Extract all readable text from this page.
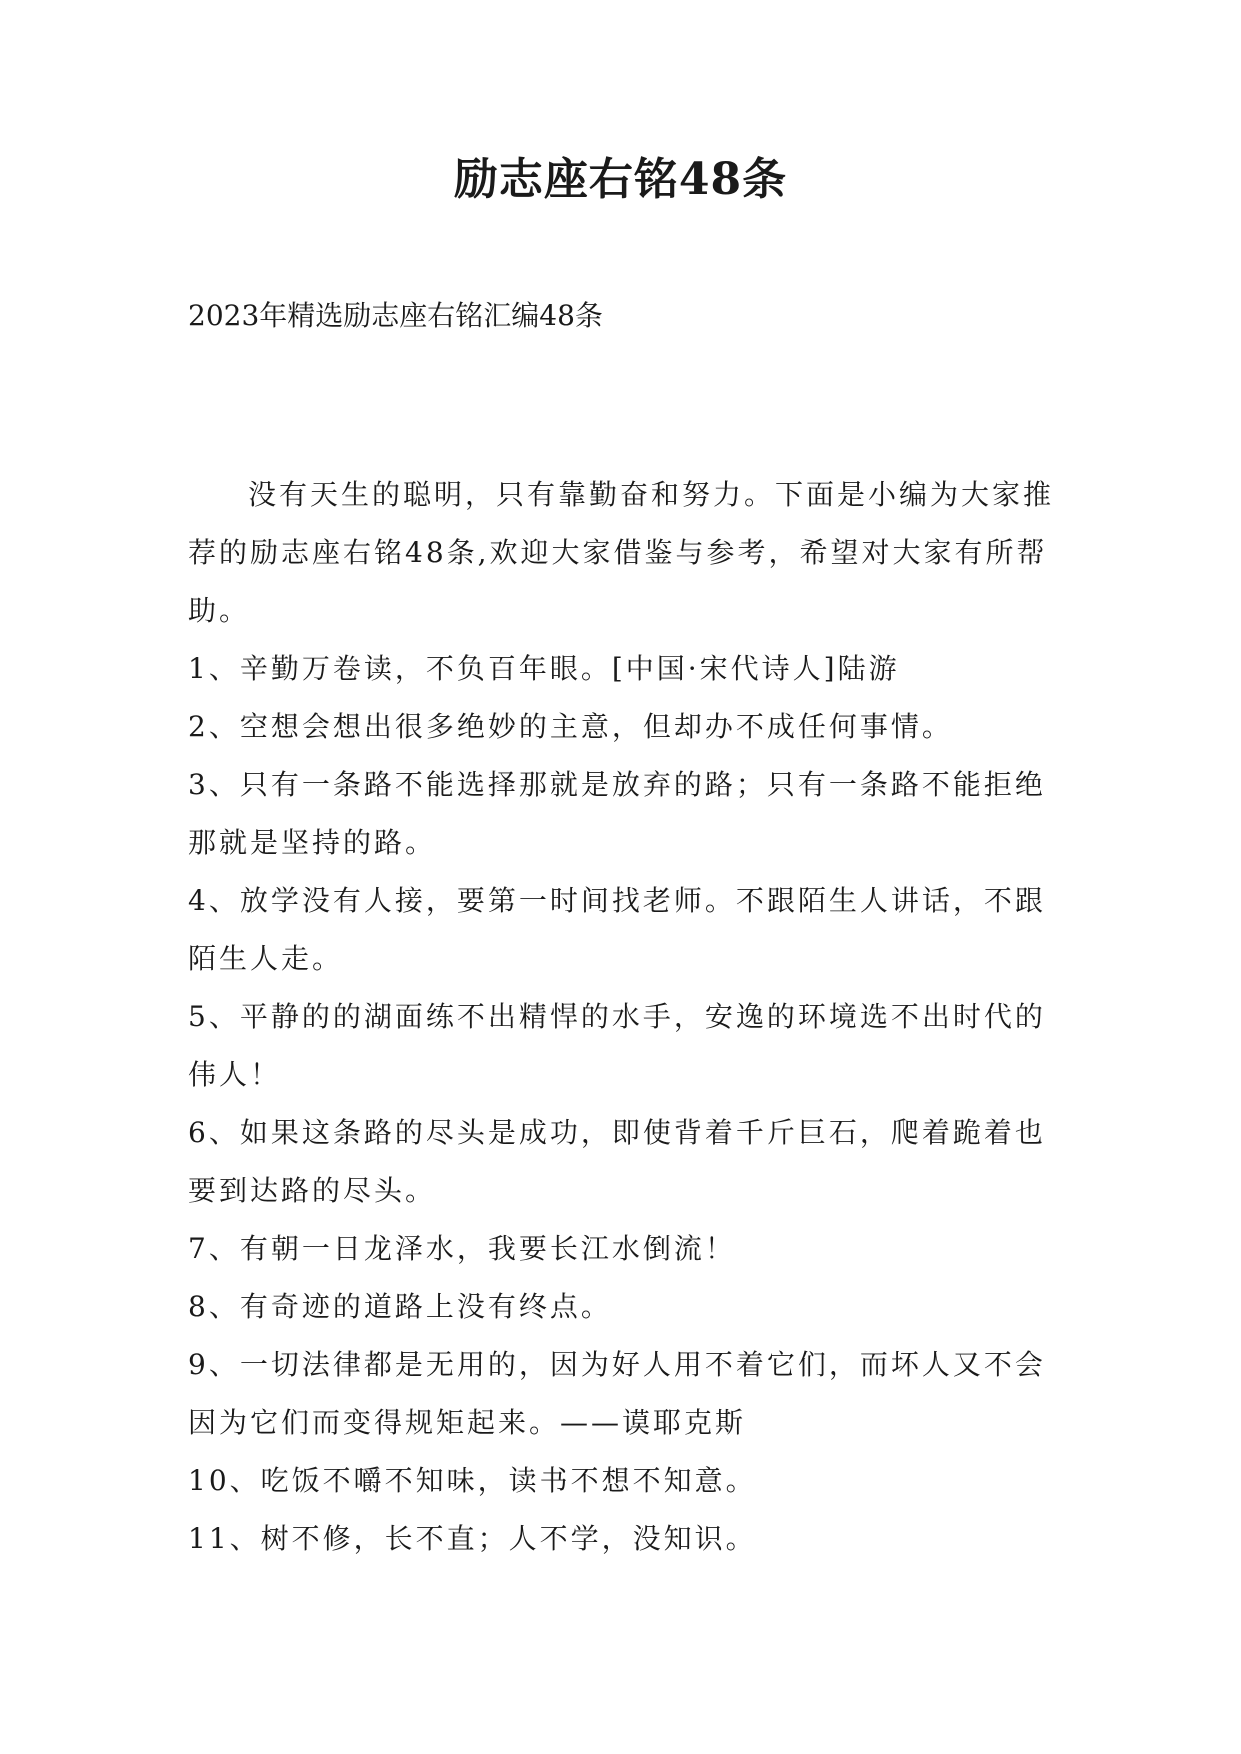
励志座右铭48条

2023年精选励志座右铭汇编48条

没有天生的聪明，只有靠勤奋和努力。下面是小编为大家推荐的励志座右铭48条,欢迎大家借鉴与参考，希望对大家有所帮助。

1、辛勤万卷读，不负百年眼。[中国·宋代诗人]陆游

2、空想会想出很多绝妙的主意，但却办不成任何事情。

3、只有一条路不能选择那就是放弃的路；只有一条路不能拒绝那就是坚持的路。

4、放学没有人接，要第一时间找老师。不跟陌生人讲话，不跟陌生人走。

5、平静的的湖面练不出精悍的水手，安逸的环境选不出时代的伟人！

6、如果这条路的尽头是成功，即使背着千斤巨石，爬着跪着也要到达路的尽头。

7、有朝一日龙泽水，我要长江水倒流！

8、有奇迹的道路上没有终点。

9、一切法律都是无用的，因为好人用不着它们，而坏人又不会因为它们而变得规矩起来。——谟耶克斯

10、吃饭不嚼不知味，读书不想不知意。

11、树不修，长不直；人不学，没知识。
